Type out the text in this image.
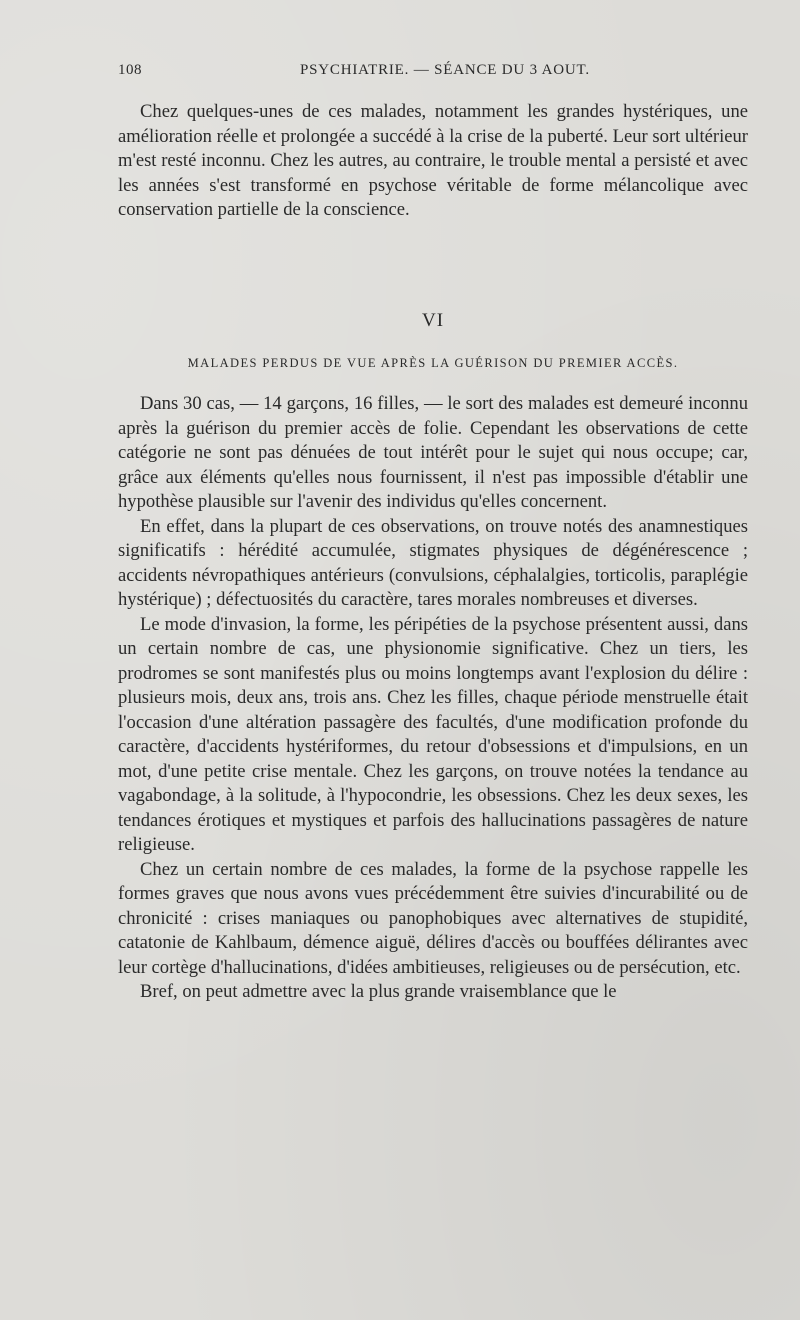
108	PSYCHIATRIE. — SÉANCE DU 3 AOUT.

Chez quelques-unes de ces malades, notamment les grandes hystériques, une amélioration réelle et prolongée a succédé à la crise de la puberté. Leur sort ultérieur m'est resté inconnu. Chez les autres, au contraire, le trouble mental a persisté et avec les années s'est transformé en psychose véritable de forme mélancolique avec conservation partielle de la conscience.

VI
MALADES PERDUS DE VUE APRÈS LA GUÉRISON DU PREMIER ACCÈS.

Dans 30 cas, — 14 garçons, 16 filles, — le sort des malades est demeuré inconnu après la guérison du premier accès de folie. Cependant les observations de cette catégorie ne sont pas dénuées de tout intérêt pour le sujet qui nous occupe; car, grâce aux éléments qu'elles nous fournissent, il n'est pas impossible d'établir une hypothèse plausible sur l'avenir des individus qu'elles concernent.

En effet, dans la plupart de ces observations, on trouve notés des anamnestiques significatifs : hérédité accumulée, stigmates physiques de dégénérescence ; accidents névropathiques antérieurs (convulsions, céphalalgies, torticolis, paraplégie hystérique) ; défectuosités du caractère, tares morales nombreuses et diverses.

Le mode d'invasion, la forme, les péripéties de la psychose présentent aussi, dans un certain nombre de cas, une physionomie significative. Chez un tiers, les prodromes se sont manifestés plus ou moins longtemps avant l'explosion du délire : plusieurs mois, deux ans, trois ans. Chez les filles, chaque période menstruelle était l'occasion d'une altération passagère des facultés, d'une modification profonde du caractère, d'accidents hystériformes, du retour d'obsessions et d'impulsions, en un mot, d'une petite crise mentale. Chez les garçons, on trouve notées la tendance au vagabondage, à la solitude, à l'hypocondrie, les obsessions. Chez les deux sexes, les tendances érotiques et mystiques et parfois des hallucinations passagères de nature religieuse.

Chez un certain nombre de ces malades, la forme de la psychose rappelle les formes graves que nous avons vues précédemment être suivies d'incurabilité ou de chronicité : crises maniaques ou panophobiques avec alternatives de stupidité, catatonie de Kahlbaum, démence aiguë, délires d'accès ou bouffées délirantes avec leur cortège d'hallucinations, d'idées ambitieuses, religieuses ou de persécution, etc.

Bref, on peut admettre avec la plus grande vraisemblance que le
